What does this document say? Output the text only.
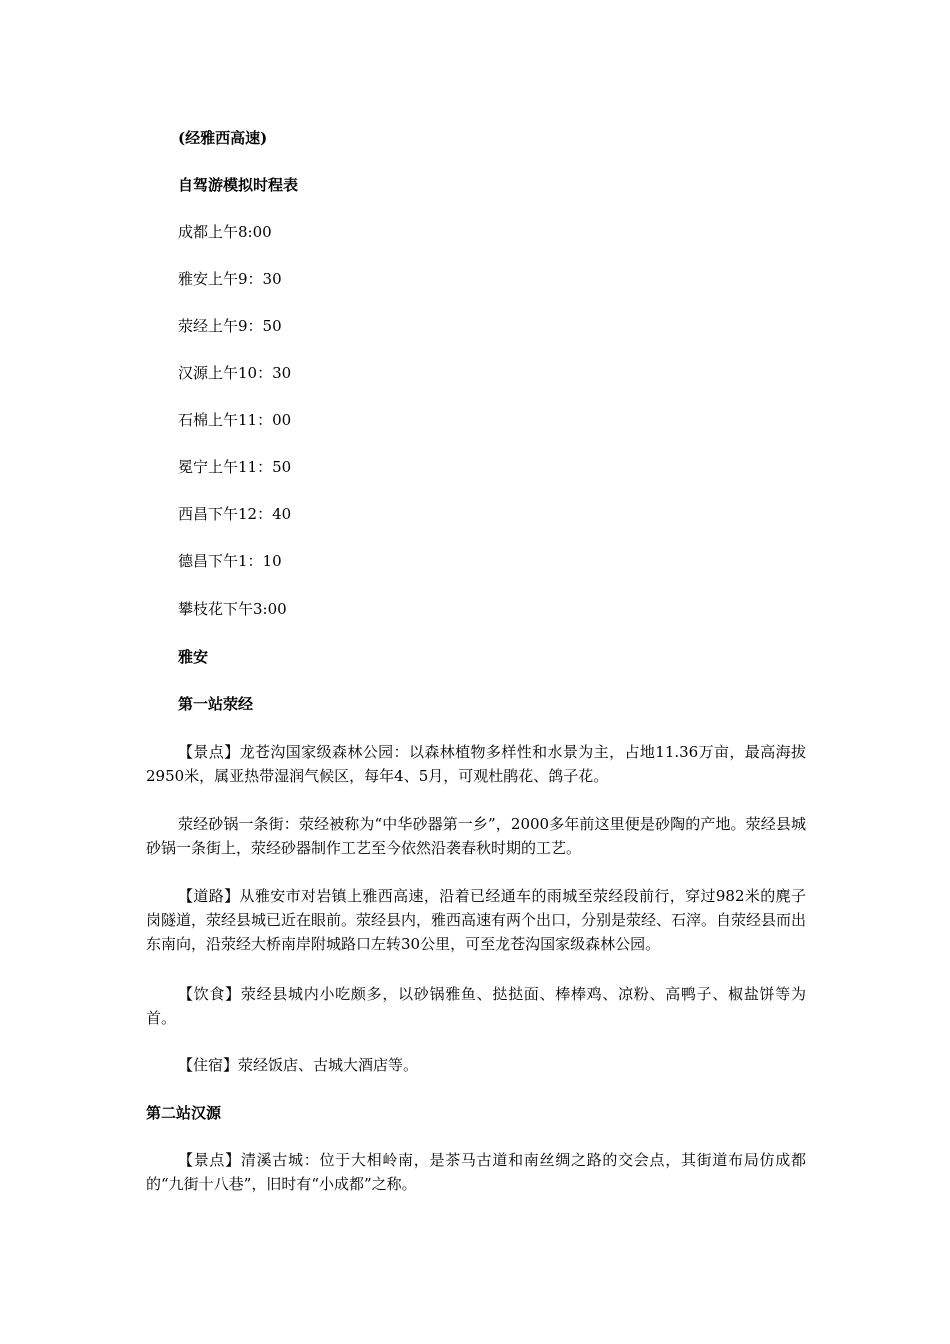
(经雅西高速)
自驾游模拟时程表
成都上午8:00
雅安上午9：30
荥经上午9：50
汉源上午10：30
石棉上午11：00
冕宁上午11：50
西昌下午12：40
德昌下午1：10
攀枝花下午3:00
雅安
第一站荥经
【景点】龙苍沟国家级森林公园：以森林植物多样性和水景为主，占地11.36万亩，最高海拔2950米，属亚热带湿润气候区，每年4、5月，可观杜鹃花、鸽子花。
荥经砂锅一条街：荥经被称为“中华砂器第一乡”，2000多年前这里便是砂陶的产地。荥经县城砂锅一条街上，荥经砂器制作工艺至今依然沿袭春秋时期的工艺。
【道路】从雅安市对岩镇上雅西高速，沿着已经通车的雨城至荥经段前行，穿过982米的麂子岗隧道，荥经县城已近在眼前。荥经县内，雅西高速有两个出口，分别是荥经、石滓。自荥经县而出东南向，沿荥经大桥南岸附城路口左转30公里，可至龙苍沟国家级森林公园。
【饮食】荥经县城内小吃颇多，以砂锅雅鱼、挞挞面、棒棒鸡、凉粉、高鸭子、椒盐饼等为首。
【住宿】荥经饭店、古城大酒店等。
第二站汉源
【景点】清溪古城：位于大相岭南，是茶马古道和南丝绸之路的交会点，其街道布局仿成都的“九街十八巷”，旧时有“小成都”之称。
